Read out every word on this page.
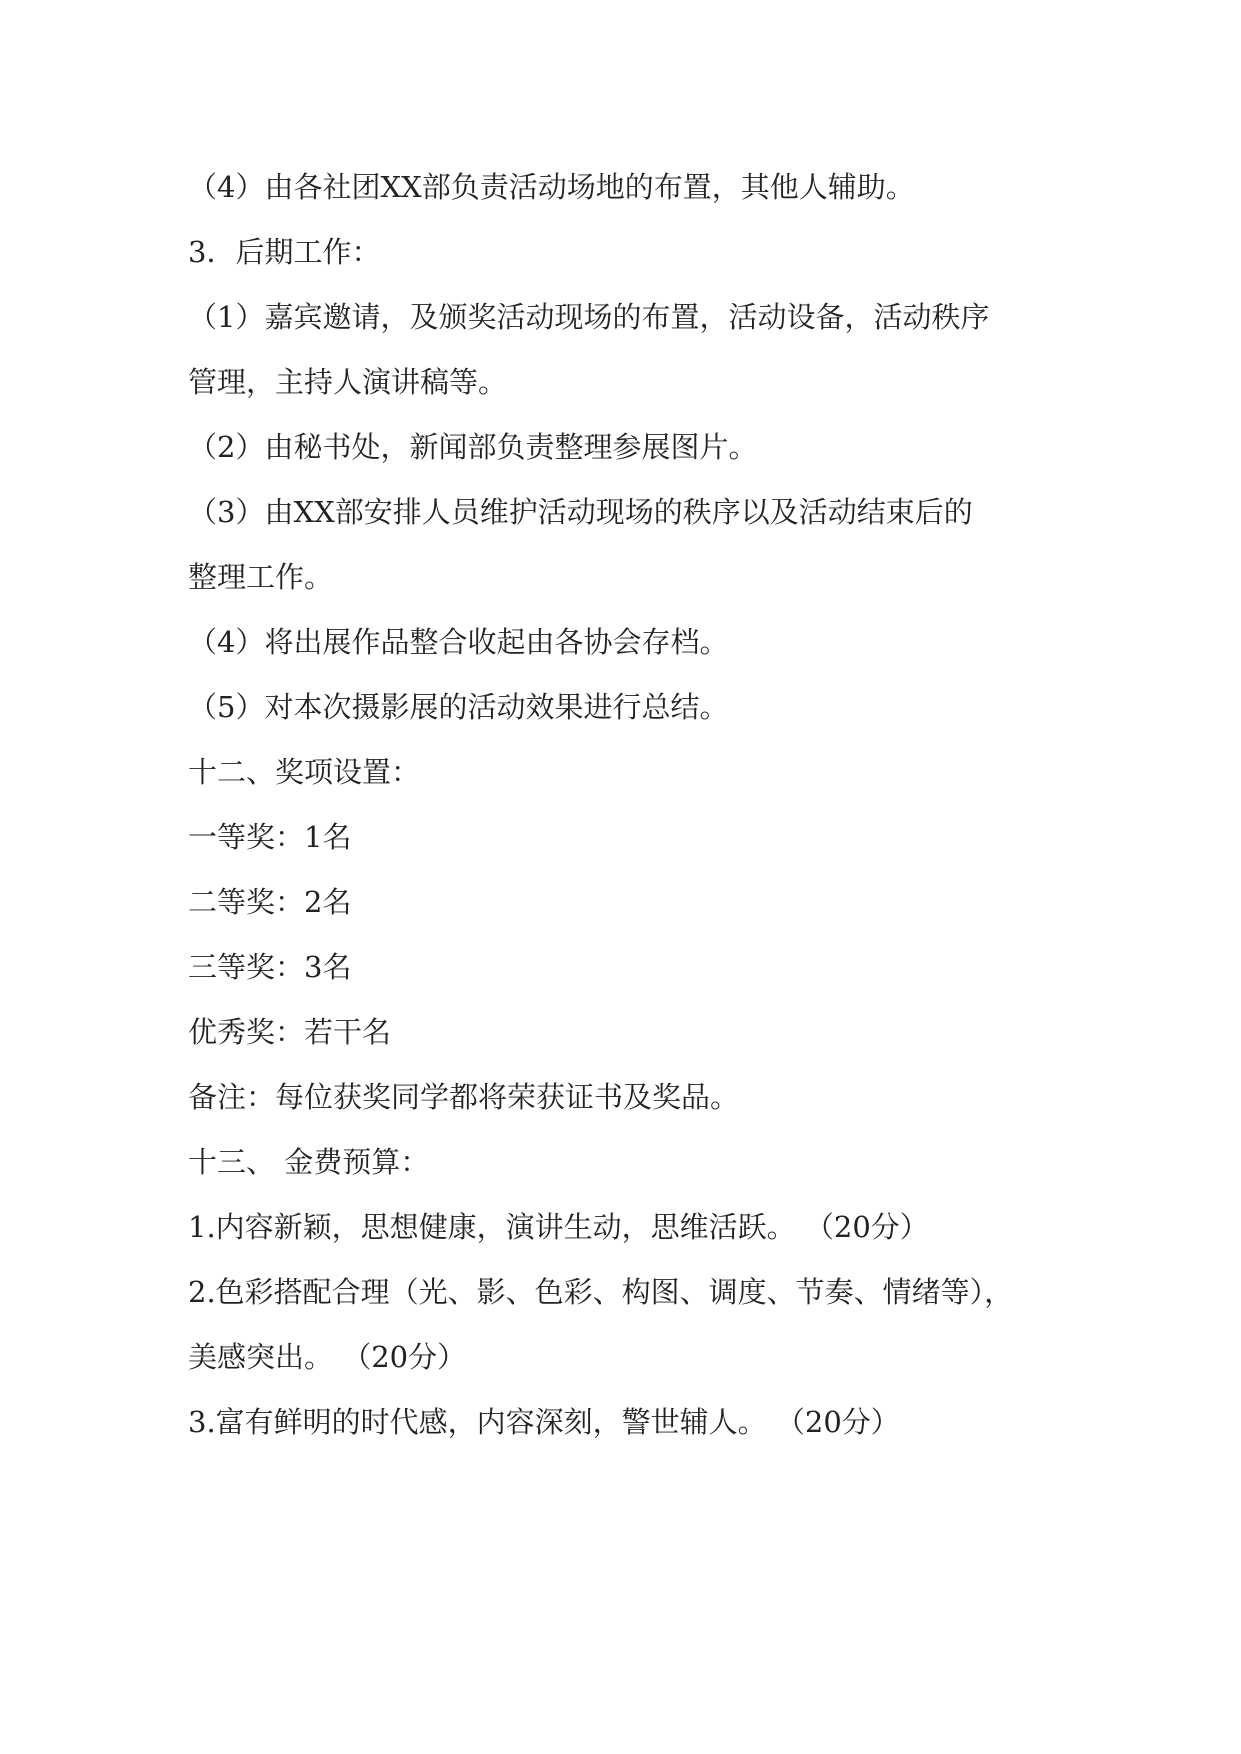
（4）由各社团XX部负责活动场地的布置，其他人辅助。

3．后期工作：

（1）嘉宾邀请，及颁奖活动现场的布置，活动设备，活动秩序

管理，主持人演讲稿等。

（2）由秘书处，新闻部负责整理参展图片。

（3）由XX部安排人员维护活动现场的秩序以及活动结束后的

整理工作。

（4）将出展作品整合收起由各协会存档。

（5）对本次摄影展的活动效果进行总结。

十二、奖项设置：

一等奖：1名

二等奖：2名

三等奖：3名

优秀奖：若干名

备注：每位获奖同学都将荣获证书及奖品。

十三、 金费预算：

1.内容新颖，思想健康，演讲生动，思维活跃。 （20分）

2.色彩搭配合理（光、影、色彩、构图、调度、节奏、情绪等），

美感突出。 （20分）

3.富有鲜明的时代感，内容深刻，警世辅人。 （20分）
